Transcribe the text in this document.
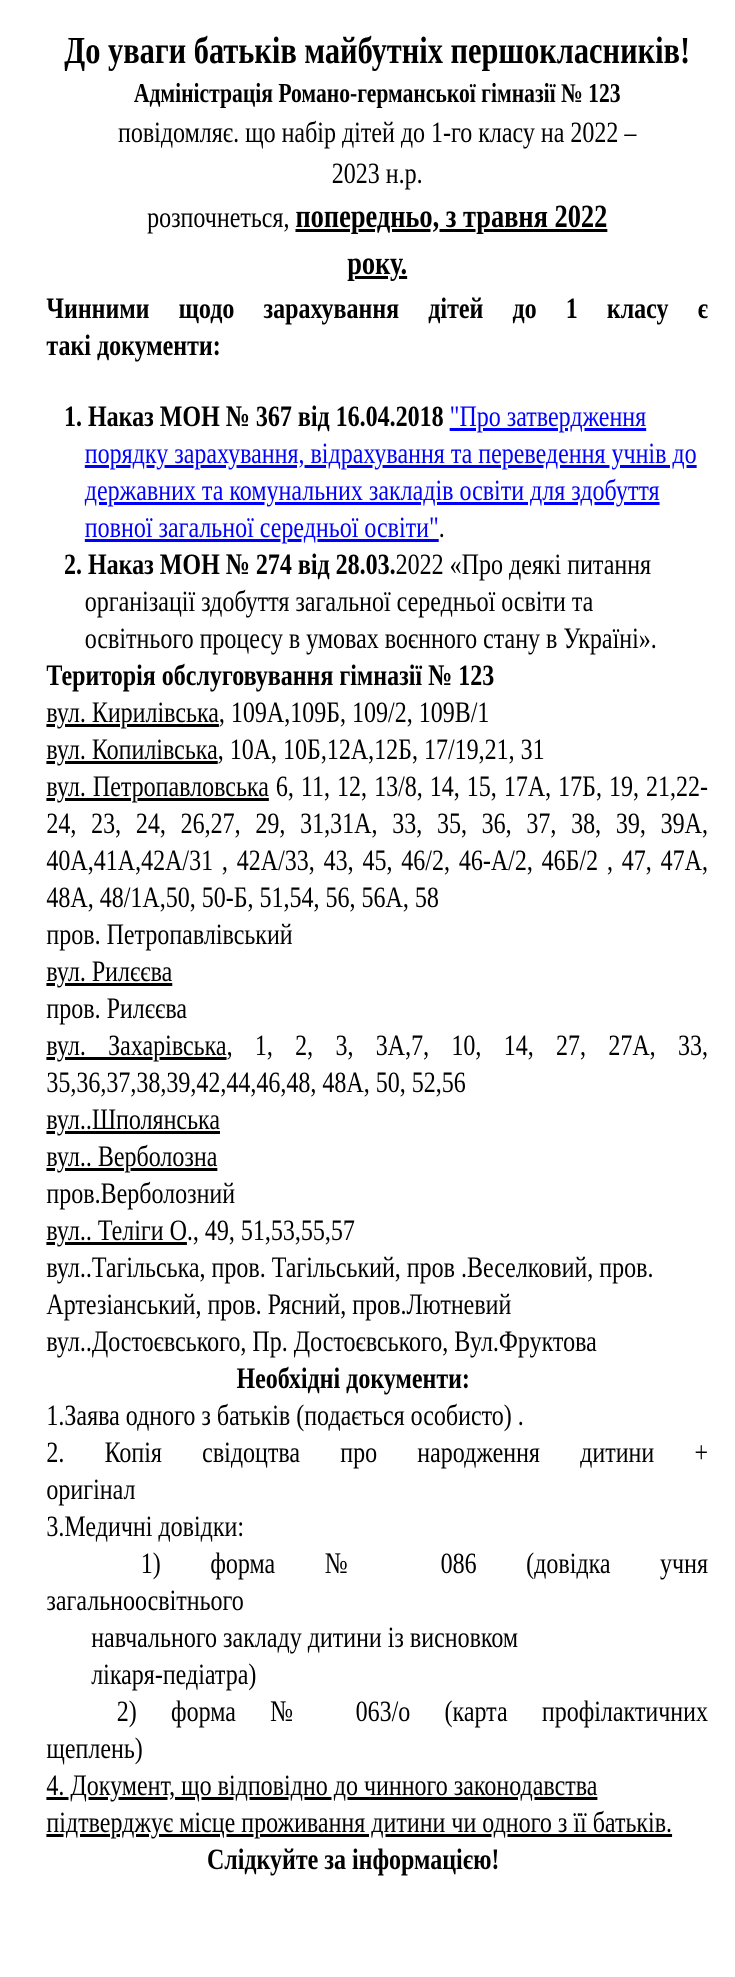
До уваги батьків майбутніх першокласників!
Адміністрація Романо-германської гімназії № 123
повідомляє. що набір дітей до 1-го класу на 2022 –
2023 н.р.
розпочнеться, попередньо, з травня 2022
року.
Чинними щодо зарахування дітей до 1 класу є
такі документи:
1. Наказ МОН № 367 від 16.04.2018 "Про затвердження порядку зарахування, відрахування та переведення учнів до державних та комунальних закладів освіти для здобуття повної загальної середньої освіти".
2. Наказ МОН № 274 від 28.03.2022 «Про деякі питання організації здобуття загальної середньої освіти та освітнього процесу в умовах воєнного стану в Україні».
Територія обслуговування гімназії № 123
вул. Кирилівська, 109А,109Б, 109/2, 109В/1
вул. Копилівська, 10А, 10Б,12А,12Б, 17/19,21, 31
вул. Петропавловська 6, 11, 12, 13/8, 14, 15, 17А, 17Б, 19, 21,22-24, 23, 24, 26,27, 29, 31,31А, 33, 35, 36, 37, 38, 39, 39А, 40А,41А,42А/31 , 42А/33, 43, 45, 46/2, 46-А/2, 46Б/2 , 47, 47А, 48А, 48/1А,50, 50-Б, 51,54, 56, 56А, 58
пров. Петропавлівський
вул. Рилєєва
пров. Рилєєва
вул. Захарівська, 1, 2, 3, 3А,7, 10, 14, 27, 27А, 33, 35,36,37,38,39,42,44,46,48, 48А, 50, 52,56
вул..Шполянська
вул.. Верболозна
пров.Верболозний
вул.. Теліги О., 49, 51,53,55,57
вул..Тагільська, пров. Тагільський, пров .Веселковий, пров. Артезіанський, пров. Рясний, пров.Лютневий
вул..Достоєвського, Пр. Достоєвського, Вул.Фруктова
Необхідні документи:
1.Заява одного з батьків (подається особисто) .
2. Копія свідоцтва про народження дитини +
оригінал
3.Медичні довідки:
1) форма № 086 (довідка учня
загальноосвітнього
навчального закладу дитини із висновком
лікаря-педіатра)
2) форма № 063/о (карта профілактичних
щеплень)
4. Документ, що відповідно до чинного законодавства підтверджує місце проживання дитини чи одного з її батьків.
Слідкуйте за інформацією!
